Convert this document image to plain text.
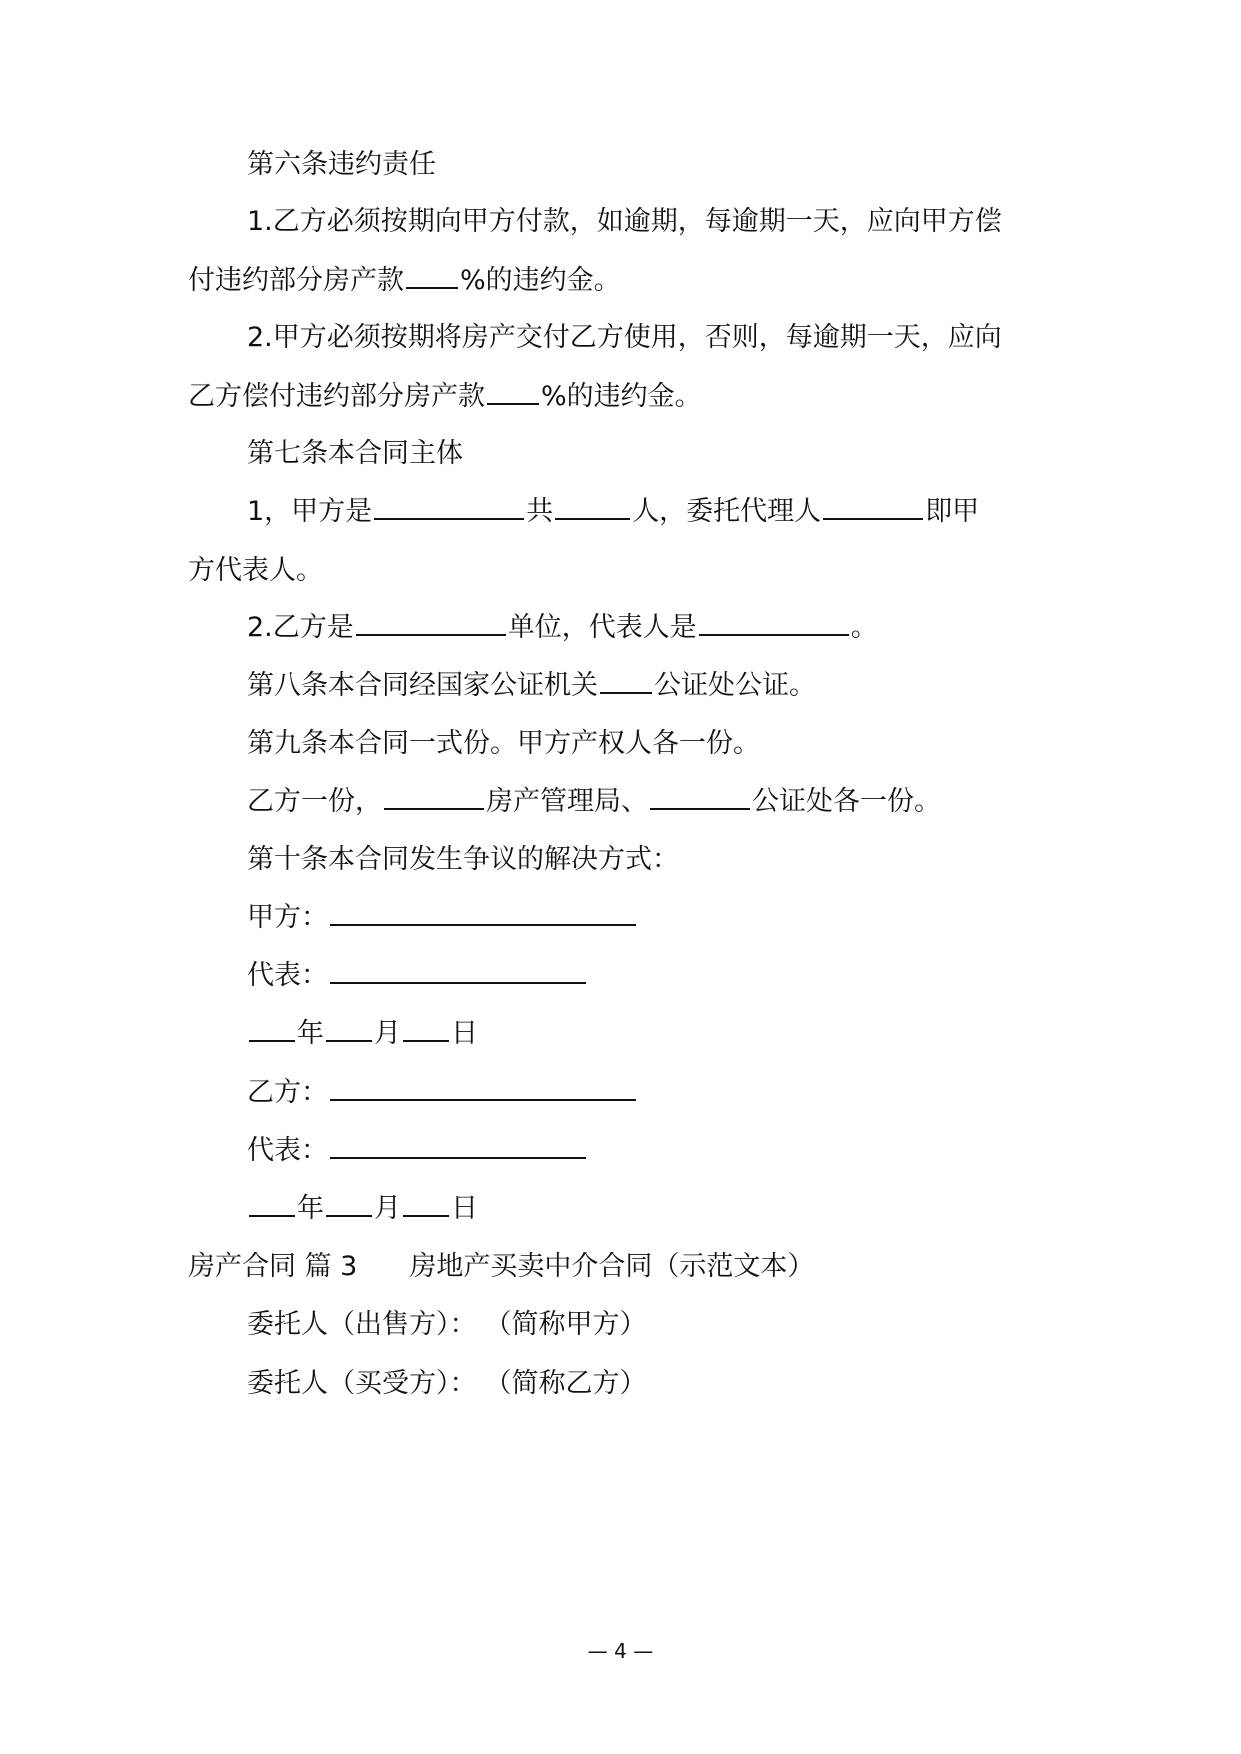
第六条违约责任
1.乙方必须按期向甲方付款，如逾期，每逾期一天，应向甲方偿
付违约部分房产款 %的违约金。
2.甲方必须按期将房产交付乙方使用，否则，每逾期一天，应向
乙方偿付违约部分房产款 %的违约金。
第七条本合同主体
1，甲方是	共	人，委托代理人	即甲
方代表人。
2.乙方是	单位，代表人是	。
第八条本合同经国家公证机关 公证处公证。
第九条本合同一式份。甲方产权人各一份。
乙方一份，	房产管理局、	公证处各一份。
第十条本合同发生争议的解决方式：
甲方：
代表：
年 月 日
乙方：
代表：
年 月 日
房产合同 篇 3 房地产买卖中介合同（示范文本）
委托人（出售方）： （简称甲方）
委托人（买受方）： （简称乙方）
— 4 —
